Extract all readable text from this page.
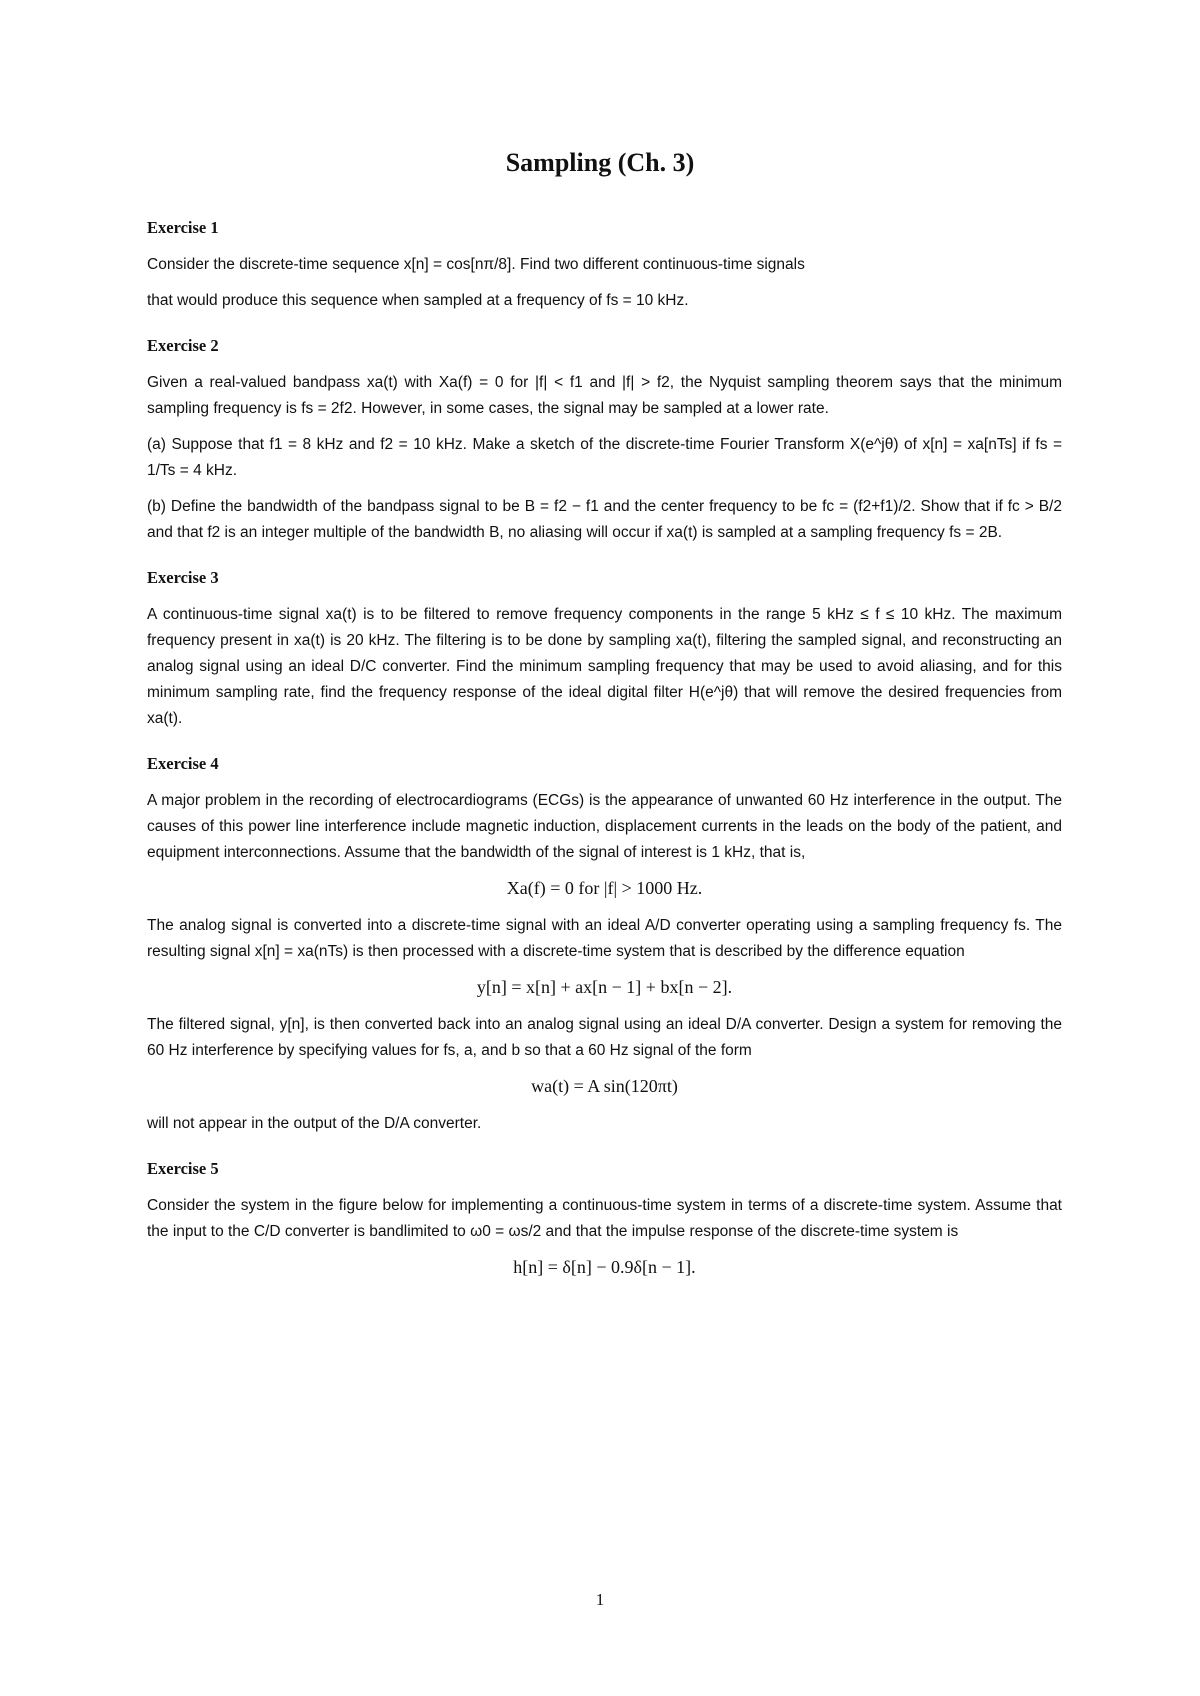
Sampling (Ch. 3)
Exercise 1

Consider the discrete-time sequence x[n] = cos[nπ/8]. Find two different continuous-time signals

that would produce this sequence when sampled at a frequency of fs = 10 kHz.

Exercise 2

Given a real-valued bandpass xa(t) with Xa(f) = 0 for |f| < f1 and |f| > f2, the Nyquist sampling theorem says that the minimum sampling frequency is fs = 2f2. However, in some cases, the signal may be sampled at a lower rate.

(a) Suppose that f1 = 8 kHz and f2 = 10 kHz. Make a sketch of the discrete-time Fourier Transform X(e^jθ) of x[n] = xa[nTs] if fs = 1/Ts = 4 kHz.

(b) Define the bandwidth of the bandpass signal to be B = f2 − f1 and the center frequency to be fc = (f2+f1)/2. Show that if fc > B/2 and that f2 is an integer multiple of the bandwidth B, no aliasing will occur if xa(t) is sampled at a sampling frequency fs = 2B.

Exercise 3

A continuous-time signal xa(t) is to be filtered to remove frequency components in the range 5 kHz ≤ f ≤ 10 kHz. The maximum frequency present in xa(t) is 20 kHz. The filtering is to be done by sampling xa(t), filtering the sampled signal, and reconstructing an analog signal using an ideal D/C converter. Find the minimum sampling frequency that may be used to avoid aliasing, and for this minimum sampling rate, find the frequency response of the ideal digital filter H(e^jθ) that will remove the desired frequencies from xa(t).

Exercise 4

A major problem in the recording of electrocardiograms (ECGs) is the appearance of unwanted 60 Hz interference in the output. The causes of this power line interference include magnetic induction, displacement currents in the leads on the body of the patient, and equipment interconnections. Assume that the bandwidth of the signal of interest is 1 kHz, that is,

Xa(f) = 0 for |f| > 1000 Hz.

The analog signal is converted into a discrete-time signal with an ideal A/D converter operating using a sampling frequency fs. The resulting signal x[n] = xa(nTs) is then processed with a discrete-time system that is described by the difference equation

y[n] = x[n] + ax[n − 1] + bx[n − 2].

The filtered signal, y[n], is then converted back into an analog signal using an ideal D/A converter. Design a system for removing the 60 Hz interference by specifying values for fs, a, and b so that a 60 Hz signal of the form

wa(t) = A sin(120πt)

will not appear in the output of the D/A converter.

Exercise 5

Consider the system in the figure below for implementing a continuous-time system in terms of a discrete-time system. Assume that the input to the C/D converter is bandlimited to ω0 = ωs/2 and that the impulse response of the discrete-time system is

h[n] = δ[n] − 0.9δ[n − 1].
1
